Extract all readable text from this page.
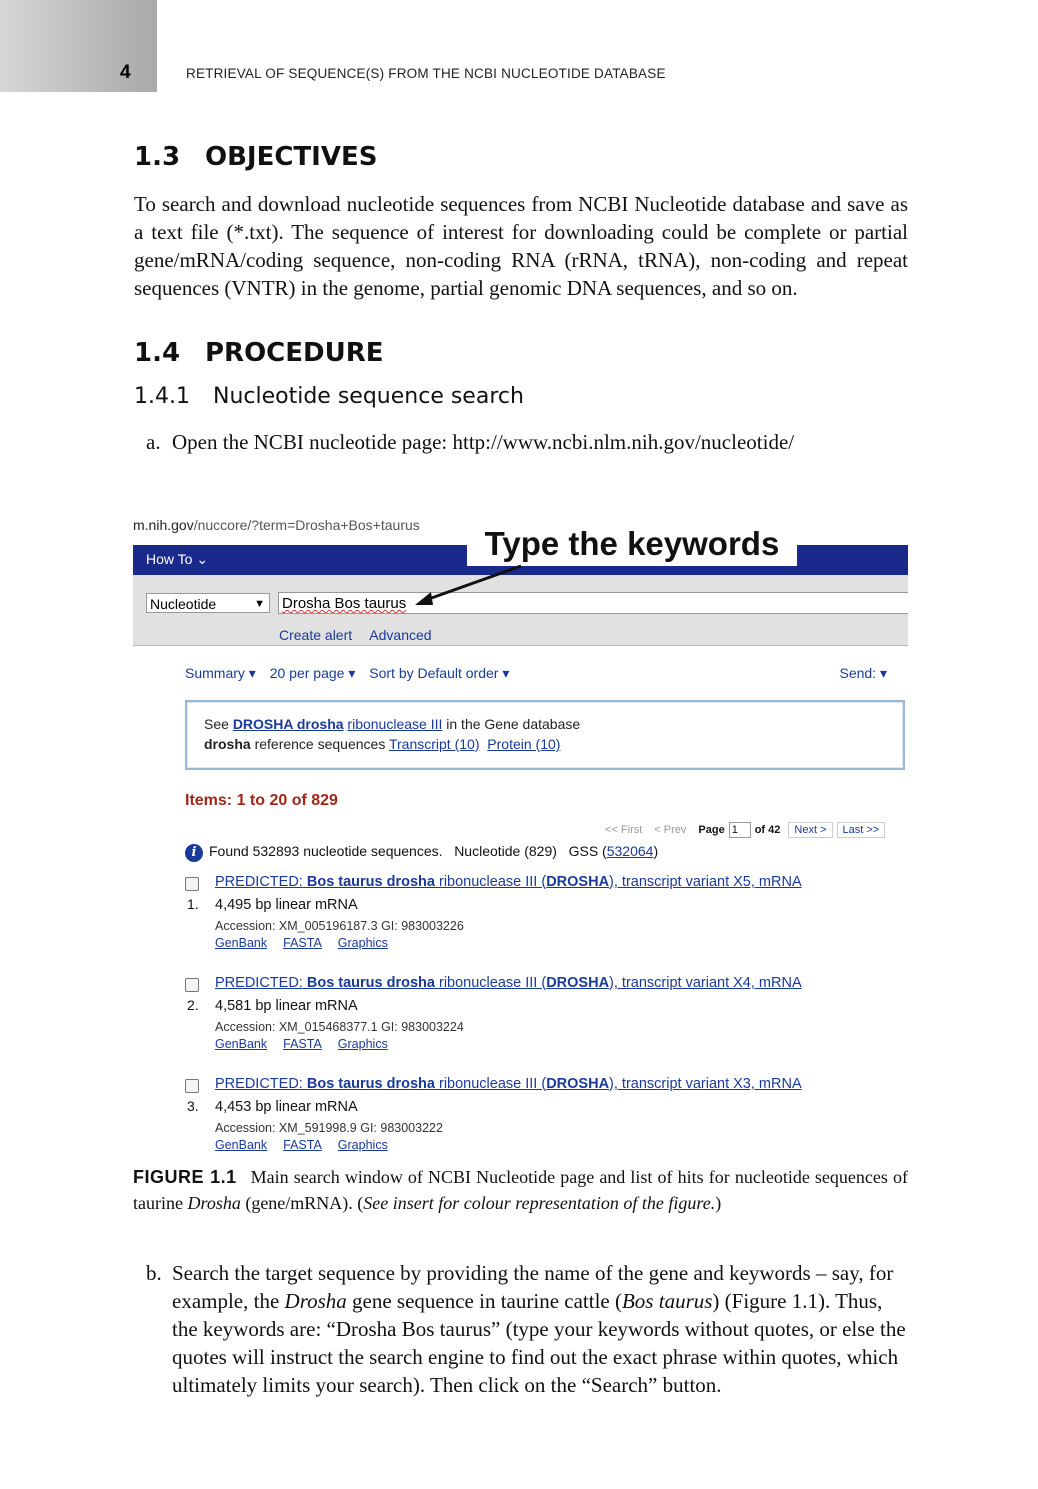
4	RETRIEVAL OF SEQUENCE(S) FROM THE NCBI NUCLEOTIDE DATABASE
1.3 OBJECTIVES
To search and download nucleotide sequences from NCBI Nucleotide database and save as a text file (*.txt). The sequence of interest for downloading could be complete or partial gene/mRNA/coding sequence, non-coding RNA (rRNA, tRNA), non-coding and repeat sequences (VNTR) in the genome, partial genomic DNA sequences, and so on.
1.4 PROCEDURE
1.4.1 Nucleotide sequence search
a. Open the NCBI nucleotide page: http://www.ncbi.nlm.nih.gov/nucleotide/
m.nih.gov/nuccore/?term=Drosha+Bos+taurus
How To ⌄	Type the keywords
Nucleotide	▼ Drosha Bos taurus
Create alert Advanced
Summary ▾ 20 per page ▾ Sort by Default order ▾	Send: ▾
See DROSHA drosha ribonuclease III in the Gene database
drosha reference sequences Transcript (10) Protein (10)
Items: 1 to 20 of 829
<< First < Prev Page 1 of 42 Next > Last >>
i Found 532893 nucleotide sequences. Nucleotide (829) GSS (532064)
1.
PREDICTED: Bos taurus drosha ribonuclease III (DROSHA), transcript variant X5, mRNA
4,495 bp linear mRNA
Accession: XM_005196187.3 GI: 983003226
GenBank FASTA Graphics
2.
PREDICTED: Bos taurus drosha ribonuclease III (DROSHA), transcript variant X4, mRNA
4,581 bp linear mRNA
Accession: XM_015468377.1 GI: 983003224
GenBank FASTA Graphics
3.
PREDICTED: Bos taurus drosha ribonuclease III (DROSHA), transcript variant X3, mRNA
4,453 bp linear mRNA
Accession: XM_591998.9 GI: 983003222
GenBank FASTA Graphics
FIGURE 1.1 Main search window of NCBI Nucleotide page and list of hits for nucleotide sequences of taurine Drosha (gene/mRNA). (See insert for colour representation of the figure.)
b. Search the target sequence by providing the name of the gene and keywords – say, for example, the Drosha gene sequence in taurine cattle (Bos taurus) (Figure 1.1). Thus, the keywords are: “Drosha Bos taurus” (type your keywords without quotes, or else the quotes will instruct the search engine to find out the exact phrase within quotes, which ultimately limits your search). Then click on the “Search” button.
